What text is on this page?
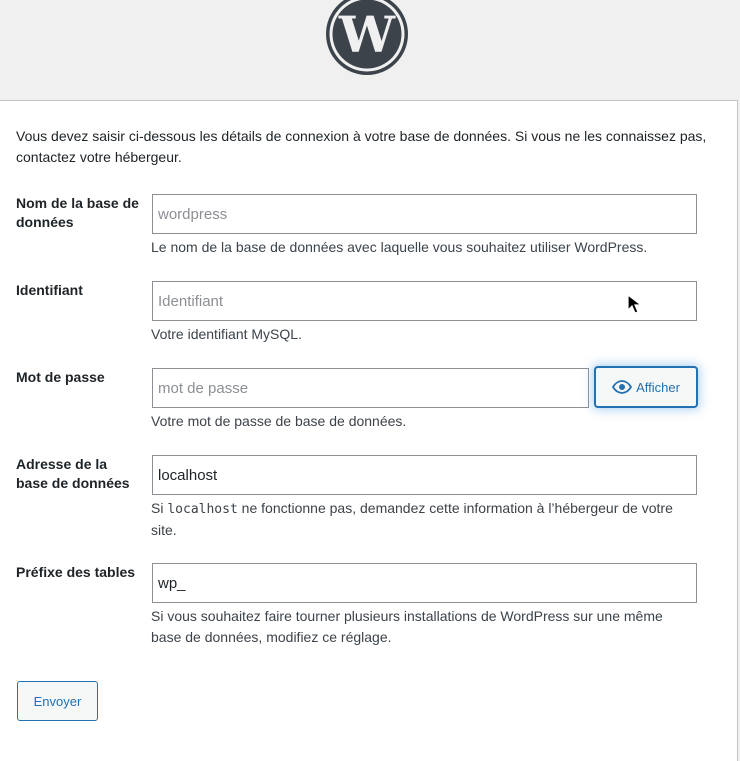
W

Vous devez saisir ci-dessous les détails de connexion à votre base de données. Si vous ne les connaissez pas, contactez votre hébergeur.

Nom de la base de données
wordpress

Le nom de la base de données avec laquelle vous souhaitez utiliser WordPress.

Identifiant
Identifiant

Votre identifiant MySQL.

Mot de passe
mot de passe
Afficher

Votre mot de passe de base de données.

Adresse de la base de données
localhost

Si localhost ne fonctionne pas, demandez cette information à l’hébergeur de votre site.

Préfixe des tables
wp_

Si vous souhaitez faire tourner plusieurs installations de WordPress sur une même base de données, modifiez ce réglage.

Envoyer
